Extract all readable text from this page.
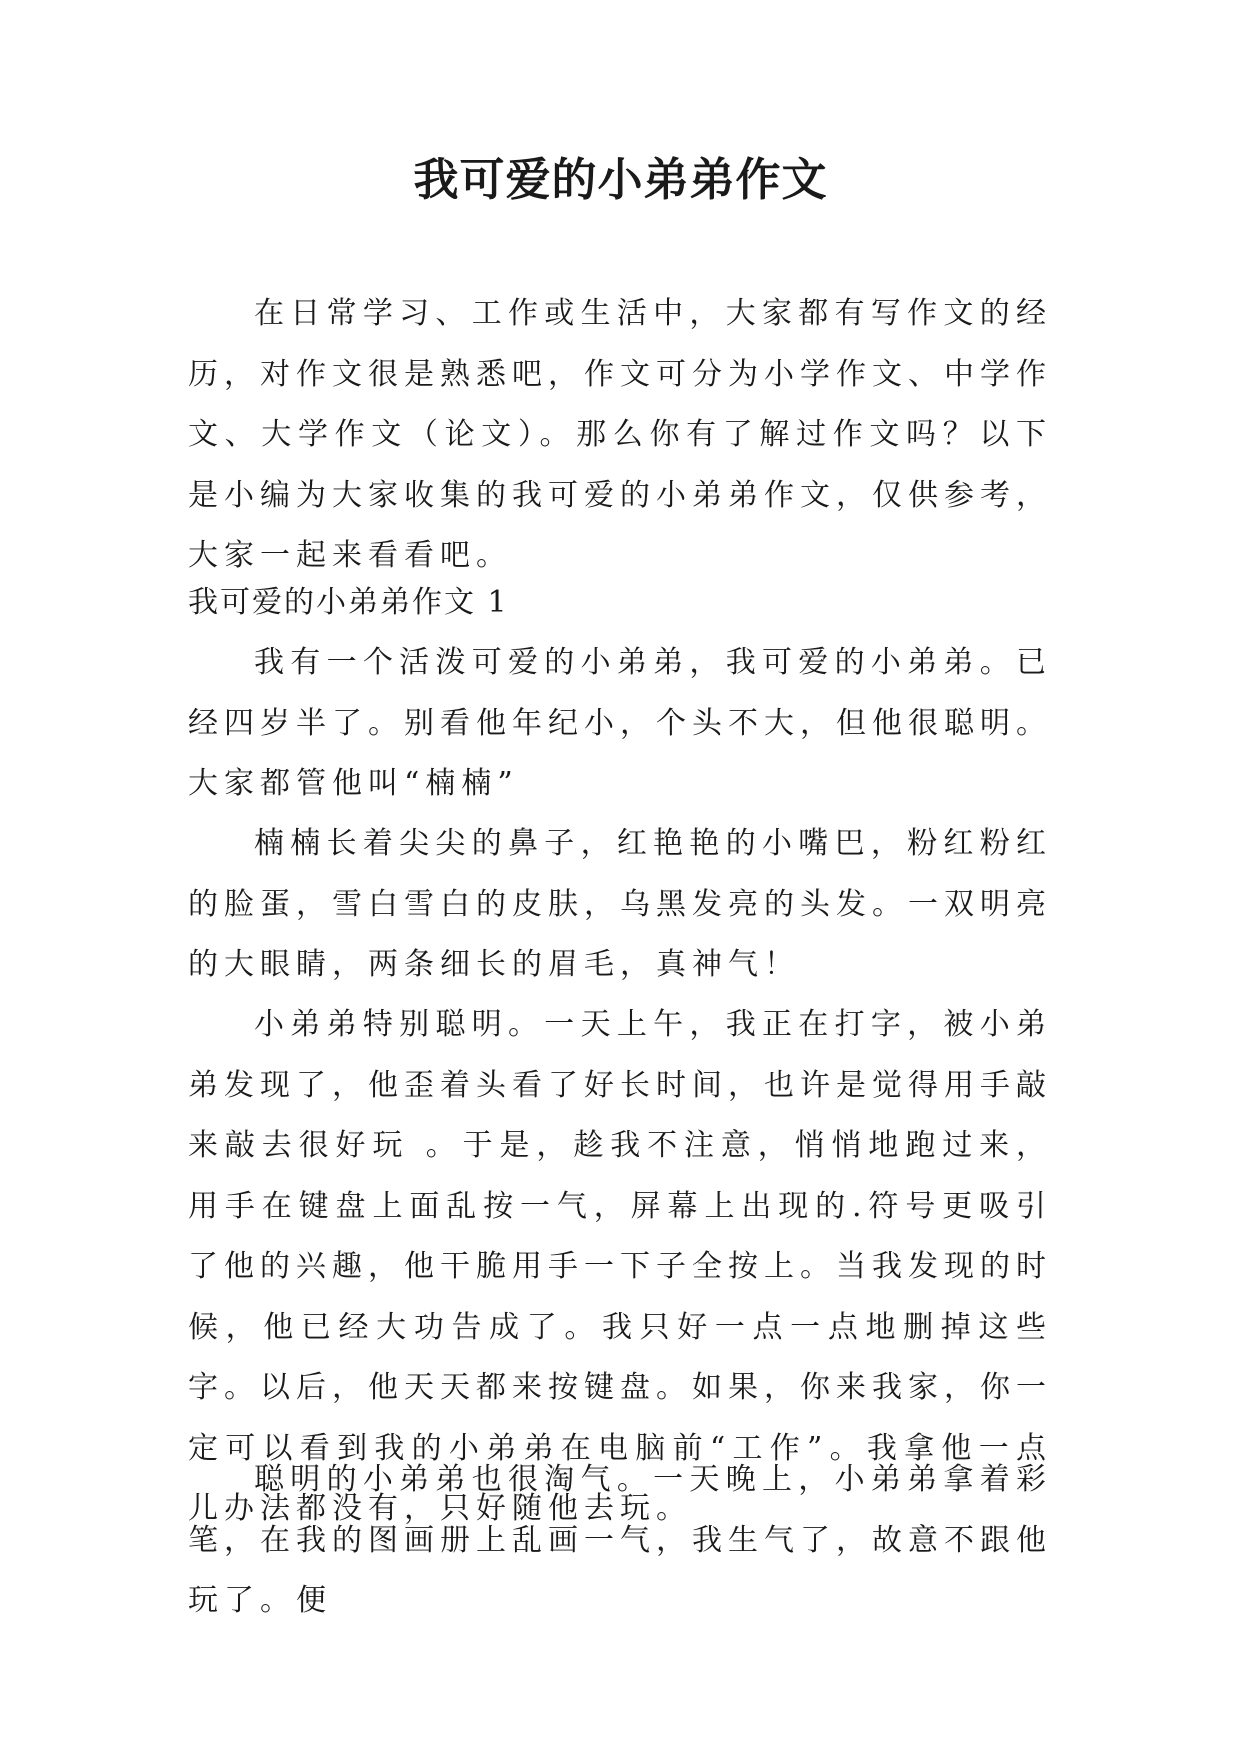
我可爱的小弟弟作文

在日常学习、工作或生活中，大家都有写作文的经历，对作文很是熟悉吧，作文可分为小学作文、中学作文、大学作文（论文）。那么你有了解过作文吗？以下是小编为大家收集的我可爱的小弟弟作文，仅供参考，大家一起来看看吧。

我可爱的小弟弟作文 1

我有一个活泼可爱的小弟弟，我可爱的小弟弟。已经四岁半了。别看他年纪小，个头不大，但他很聪明。大家都管他叫“楠楠”

楠楠长着尖尖的鼻子，红艳艳的小嘴巴，粉红粉红的脸蛋，雪白雪白的皮肤，乌黑发亮的头发。一双明亮的大眼睛，两条细长的眉毛，真神气！

小弟弟特别聪明。一天上午，我正在打字，被小弟弟发现了，他歪着头看了好长时间，也许是觉得用手敲来敲去很好玩 。于是，趁我不注意，悄悄地跑过来，用手在键盘上面乱按一气，屏幕上出现的.符号更吸引了他的兴趣，他干脆用手一下子全按上。当我发现的时候，他已经大功告成了。我只好一点一点地删掉这些字。以后，他天天都来按键盘。如果，你来我家，你一定可以看到我的小弟弟在电脑前“工作”。我拿他一点儿办法都没有，只好随他去玩。

聪明的小弟弟也很淘气。一天晚上，小弟弟拿着彩笔，在我的图画册上乱画一气，我生气了，故意不跟他玩了。便
